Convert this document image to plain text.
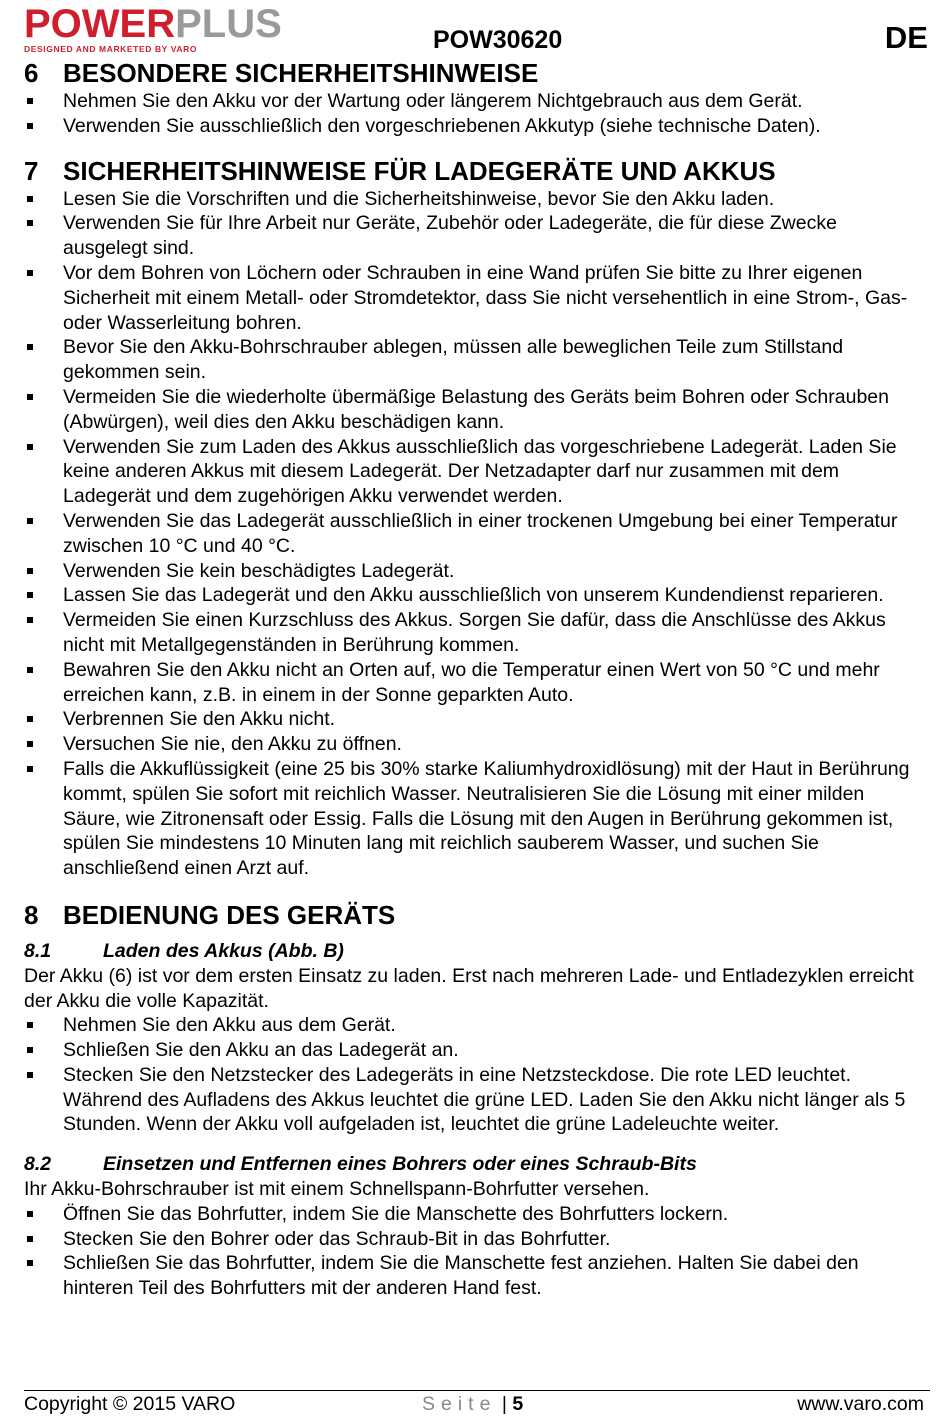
POWERPLUS
DESIGNED AND MARKETED BY VARO	POW30620	DE
6 BESONDERE SICHERHEITSHINWEISE
Nehmen Sie den Akku vor der Wartung oder längerem Nichtgebrauch aus dem Gerät.
Verwenden Sie ausschließlich den vorgeschriebenen Akkutyp (siehe technische Daten).
7 SICHERHEITSHINWEISE FÜR LADEGERÄTE UND AKKUS
Lesen Sie die Vorschriften und die Sicherheitshinweise, bevor Sie den Akku laden.
Verwenden Sie für Ihre Arbeit nur Geräte, Zubehör oder Ladegeräte, die für diese Zwecke ausgelegt sind.
Vor dem Bohren von Löchern oder Schrauben in eine Wand prüfen Sie bitte zu Ihrer eigenen Sicherheit mit einem Metall- oder Stromdetektor, dass Sie nicht versehentlich in eine Strom-, Gas- oder Wasserleitung bohren.
Bevor Sie den Akku-Bohrschrauber ablegen, müssen alle beweglichen Teile zum Stillstand gekommen sein.
Vermeiden Sie die wiederholte übermäßige Belastung des Geräts beim Bohren oder Schrauben (Abwürgen), weil dies den Akku beschädigen kann.
Verwenden Sie zum Laden des Akkus ausschließlich das vorgeschriebene Ladegerät. Laden Sie keine anderen Akkus mit diesem Ladegerät. Der Netzadapter darf nur zusammen mit dem Ladegerät und dem zugehörigen Akku verwendet werden.
Verwenden Sie das Ladegerät ausschließlich in einer trockenen Umgebung bei einer Temperatur zwischen 10 °C und 40 °C.
Verwenden Sie kein beschädigtes Ladegerät.
Lassen Sie das Ladegerät und den Akku ausschließlich von unserem Kundendienst reparieren.
Vermeiden Sie einen Kurzschluss des Akkus. Sorgen Sie dafür, dass die Anschlüsse des Akkus nicht mit Metallgegenständen in Berührung kommen.
Bewahren Sie den Akku nicht an Orten auf, wo die Temperatur einen Wert von 50 °C und mehr erreichen kann, z.B. in einem in der Sonne geparkten Auto.
Verbrennen Sie den Akku nicht.
Versuchen Sie nie, den Akku zu öffnen.
Falls die Akkuflüssigkeit (eine 25 bis 30% starke Kaliumhydroxidlösung) mit der Haut in Berührung kommt, spülen Sie sofort mit reichlich Wasser. Neutralisieren Sie die Lösung mit einer milden Säure, wie Zitronensaft oder Essig. Falls die Lösung mit den Augen in Berührung gekommen ist, spülen Sie mindestens 10 Minuten lang mit reichlich sauberem Wasser, und suchen Sie anschließend einen Arzt auf.
8 BEDIENUNG DES GERÄTS
8.1	Laden des Akkus (Abb. B)

Der Akku (6) ist vor dem ersten Einsatz zu laden. Erst nach mehreren Lade- und Entladezyklen erreicht der Akku die volle Kapazität.

Nehmen Sie den Akku aus dem Gerät.
Schließen Sie den Akku an das Ladegerät an.
Stecken Sie den Netzstecker des Ladegeräts in eine Netzsteckdose. Die rote LED leuchtet. Während des Aufladens des Akkus leuchtet die grüne LED. Laden Sie den Akku nicht länger als 5 Stunden. Wenn der Akku voll aufgeladen ist, leuchtet die grüne Ladeleuchte weiter.
8.2	Einsetzen und Entfernen eines Bohrers oder eines Schraub-Bits

Ihr Akku-Bohrschrauber ist mit einem Schnellspann-Bohrfutter versehen.

Öffnen Sie das Bohrfutter, indem Sie die Manschette des Bohrfutters lockern.
Stecken Sie den Bohrer oder das Schraub-Bit in das Bohrfutter.
Schließen Sie das Bohrfutter, indem Sie die Manschette fest anziehen. Halten Sie dabei den hinteren Teil des Bohrfutters mit der anderen Hand fest.
Copyright © 2015 VARO	Seite | 5	www.varo.com
